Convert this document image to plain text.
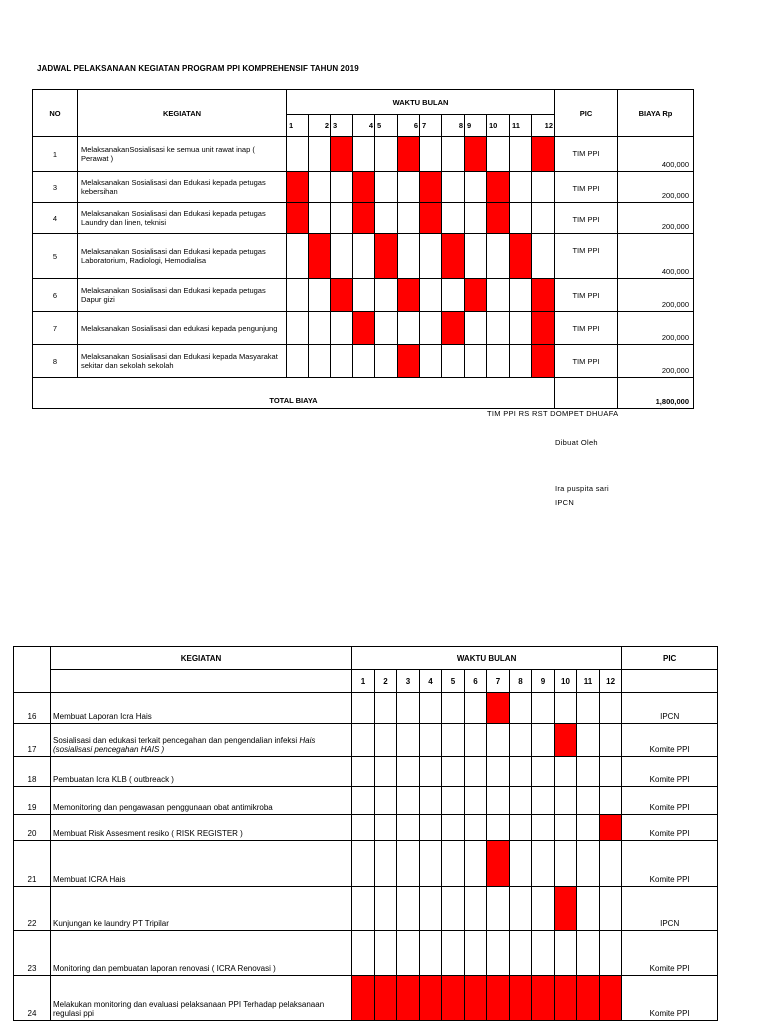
JADWAL PELAKSANAAN KEGIATAN PROGRAM PPI KOMPREHENSIF TAHUN 2019
NO	KEGIATAN	WAKTU BULAN												PIC	BIAYA Rp
		1	2	3	4	5	6	7	8	9	10	11	12		
1	MelaksanakanSosialisasi ke semua unit rawat inap ( Perawat )													TIM PPI	400,000
3	Melaksanakan Sosialisasi dan Edukasi kepada petugas kebersihan													TIM PPI	200,000
4	Melaksanakan Sosialisasi dan Edukasi kepada petugas Laundry dan linen, teknisi													TIM PPI	200,000
5	Melaksanakan Sosialisasi dan Edukasi kepada petugas Laboratorium, Radiologi, Hemodialisa													TIM PPI	400,000
6	Melaksanakan Sosialisasi dan Edukasi kepada petugas Dapur gizi													TIM PPI	200,000
7	Melaksanakan Sosialisasi dan edukasi kepada pengunjung													TIM PPI	200,000
8	Melaksanakan Sosialisasi dan Edukasi kepada Masyarakat sekitar dan sekolah sekolah													TIM PPI	200,000
TOTAL BIAYA															1,800,000
TIM PPI RS RST DOMPET DHUAFA
Dibuat Oleh
Ira puspita sari
IPCN
	KEGIATAN	WAKTU BULAN												PIC
		1	2	3	4	5	6	7	8	9	10	11	12	
16	Membuat Laporan Icra Hais													IPCN
17	Sosialisasi dan edukasi terkait pencegahan dan pengendalian infeksi Hais (sosialisasi pencegahan HAIS )													Komite PPI
18	Pembuatan Icra KLB ( outbreack )													Komite PPI
19	Memonitoring dan pengawasan penggunaan obat antimikroba													Komite PPI
20	Membuat Risk Assesment resiko ( RISK REGISTER )													Komite PPI
21	Membuat ICRA Hais													Komite PPI
22	Kunjungan ke laundry PT Tripilar													IPCN
23	Monitoring dan pembuatan laporan renovasi ( ICRA Renovasi )													Komite PPI
24	Melakukan monitoring dan evaluasi pelaksanaan PPI Terhadap pelaksanaan regulasi ppi													Komite PPI
